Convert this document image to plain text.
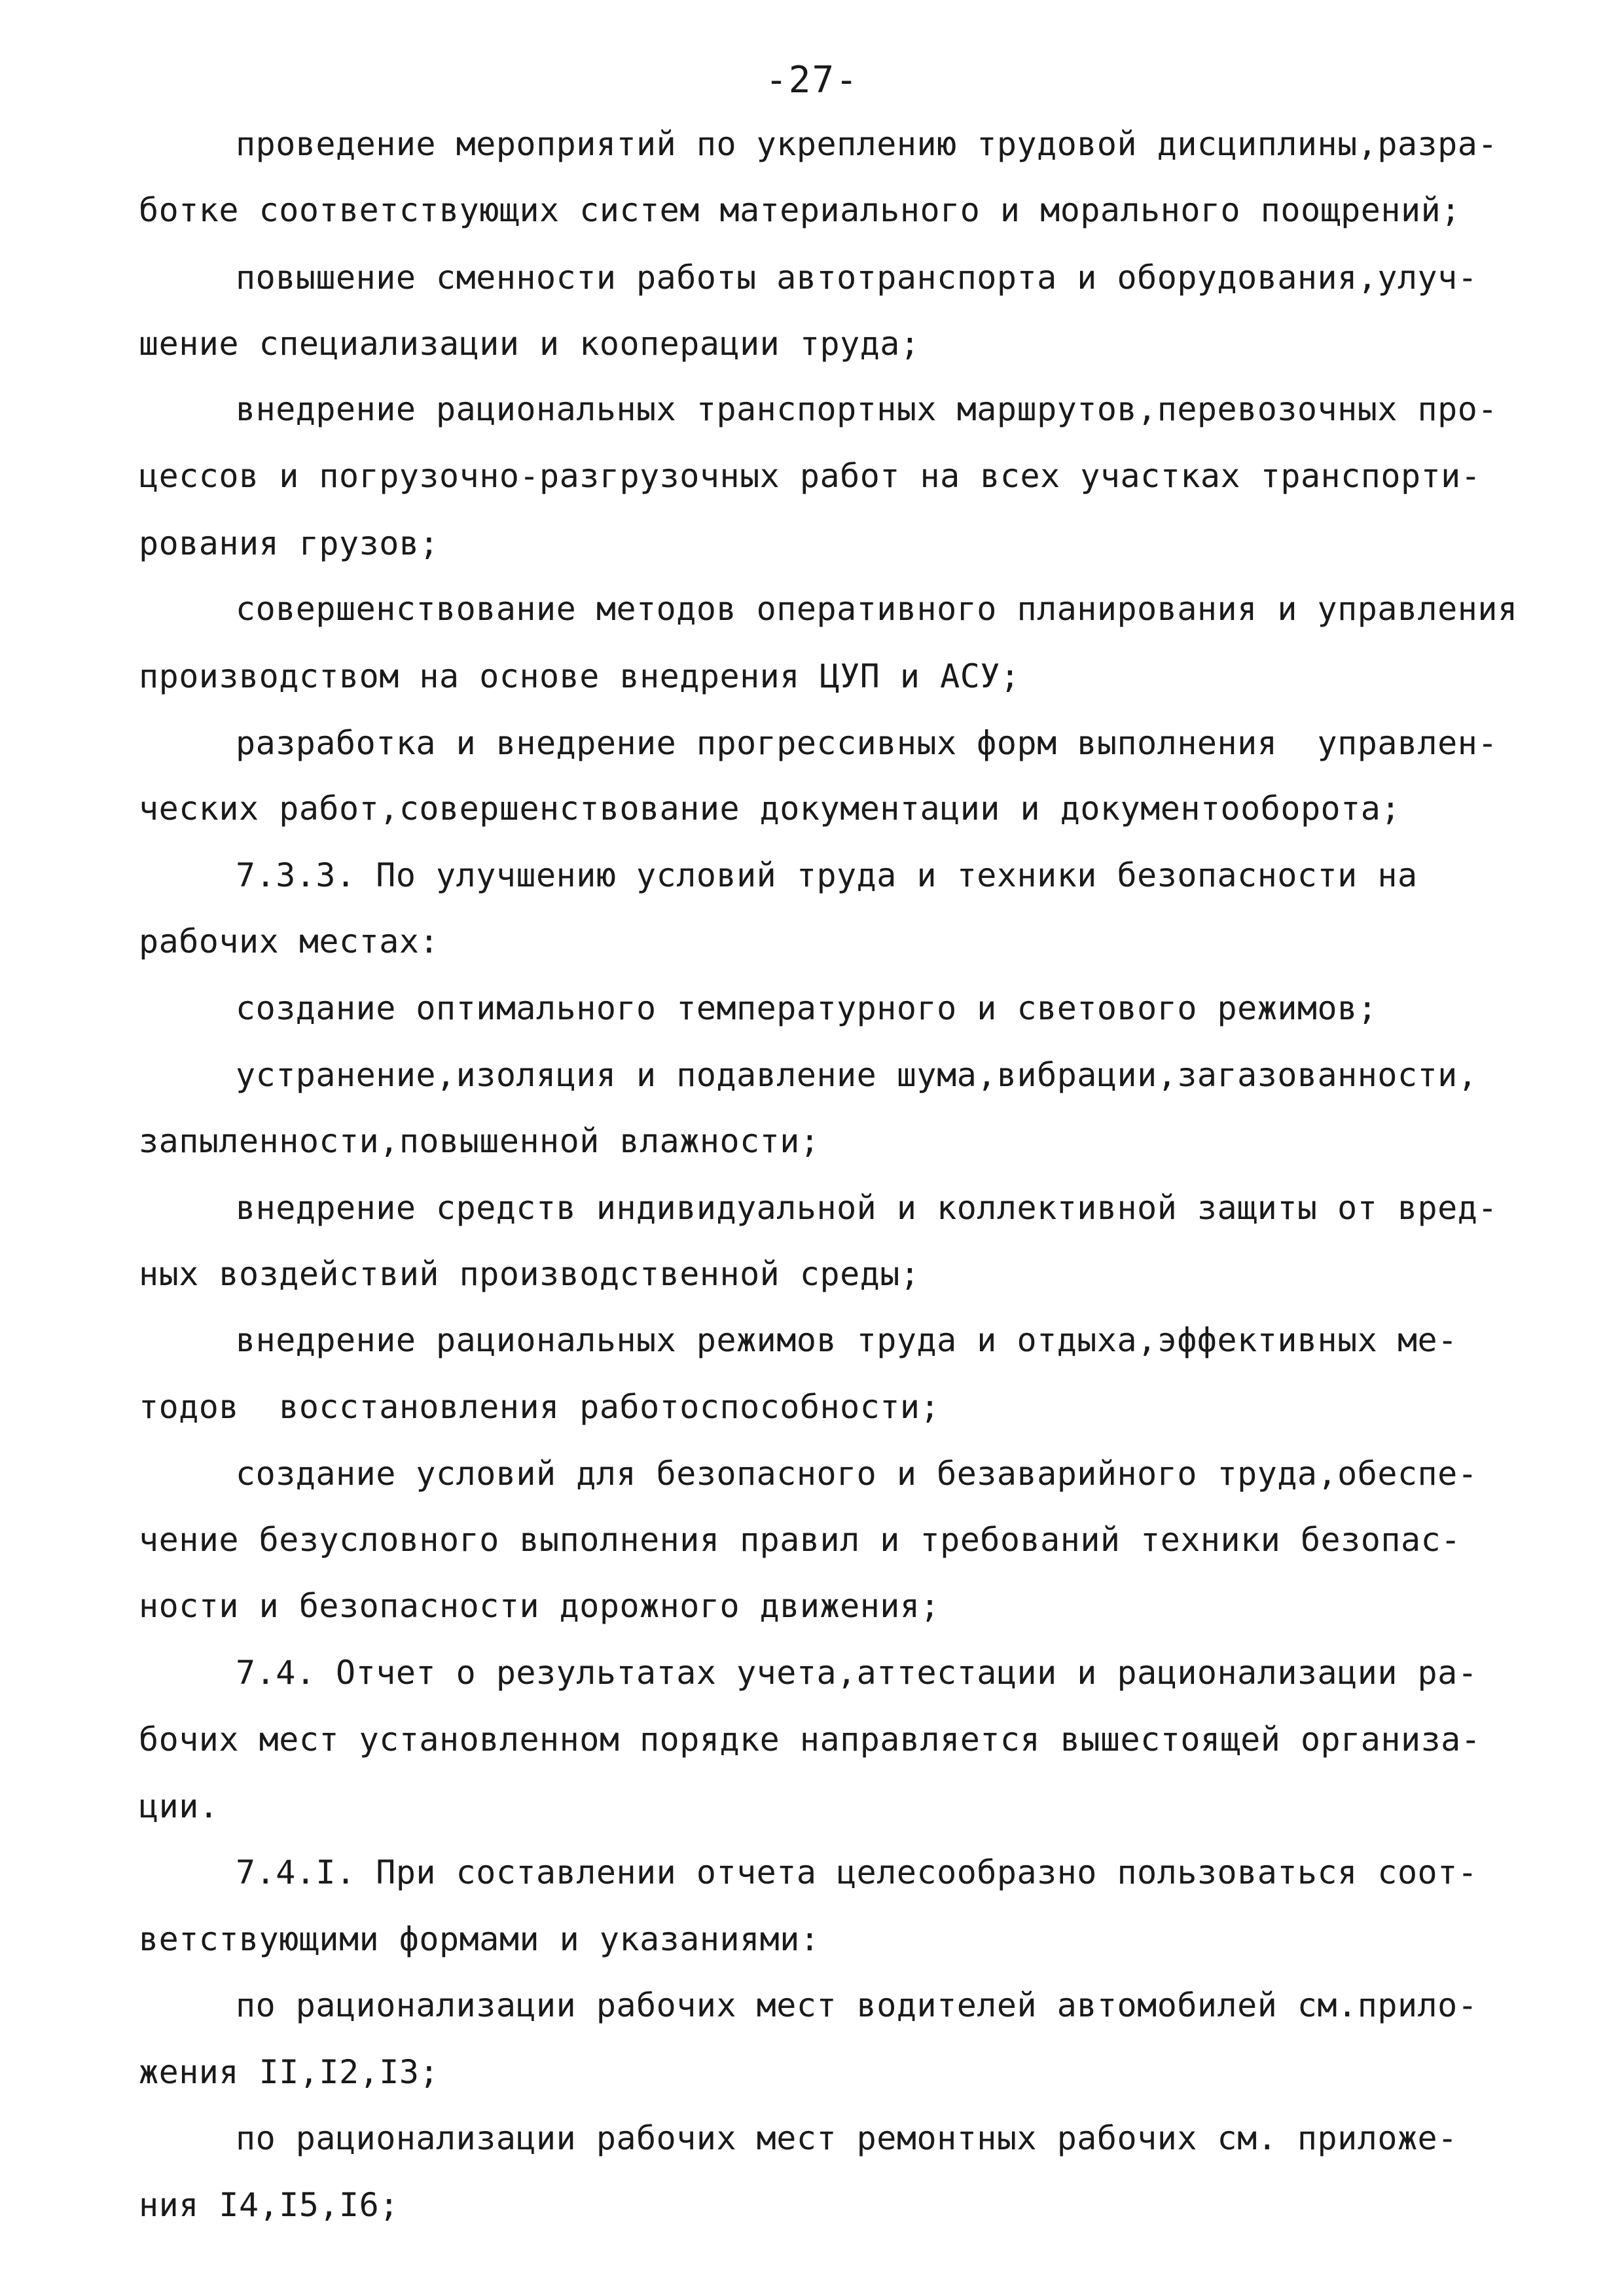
-27-
проведение мероприятий по укреплению трудовой дисциплины,разра-
ботке соответствующих систем материального и морального поощрений;
повышение сменности работы автотранспорта и оборудования,улуч-
шение специализации и кооперации труда;
внедрение рациональных транспортных маршрутов,перевозочных про-
цессов и погрузочно-разгрузочных работ на всех участках транспорти-
рования грузов;
совершенствование методов оперативного планирования и управления
производством на основе внедрения ЦУП и АСУ;
разработка и внедрение прогрессивных форм выполнения  управлен-
ческих работ,совершенствование документации и документооборота;
7.3.3. По улучшению условий труда и техники безопасности на
рабочих местах:
создание оптимального температурного и светового режимов;
устранение,изоляция и подавление шума,вибрации,загазованности,
запыленности,повышенной влажности;
внедрение средств индивидуальной и коллективной защиты от вред-
ных воздействий производственной среды;
внедрение рациональных режимов труда и отдыха,эффективных ме-
тодов  восстановления работоспособности;
создание условий для безопасного и безаварийного труда,обеспе-
чение безусловного выполнения правил и требований техники безопас-
ности и безопасности дорожного движения;
7.4. Отчет о результатах учета,аттестации и рационализации ра-
бочих мест установленном порядке направляется вышестоящей организа-
ции.
7.4.I. При составлении отчета целесообразно пользоваться соот-
ветствующими формами и указаниями:
по рационализации рабочих мест водителей автомобилей см.прило-
жения II,I2,I3;
по рационализации рабочих мест ремонтных рабочих см. приложе-
ния I4,I5,I6;
